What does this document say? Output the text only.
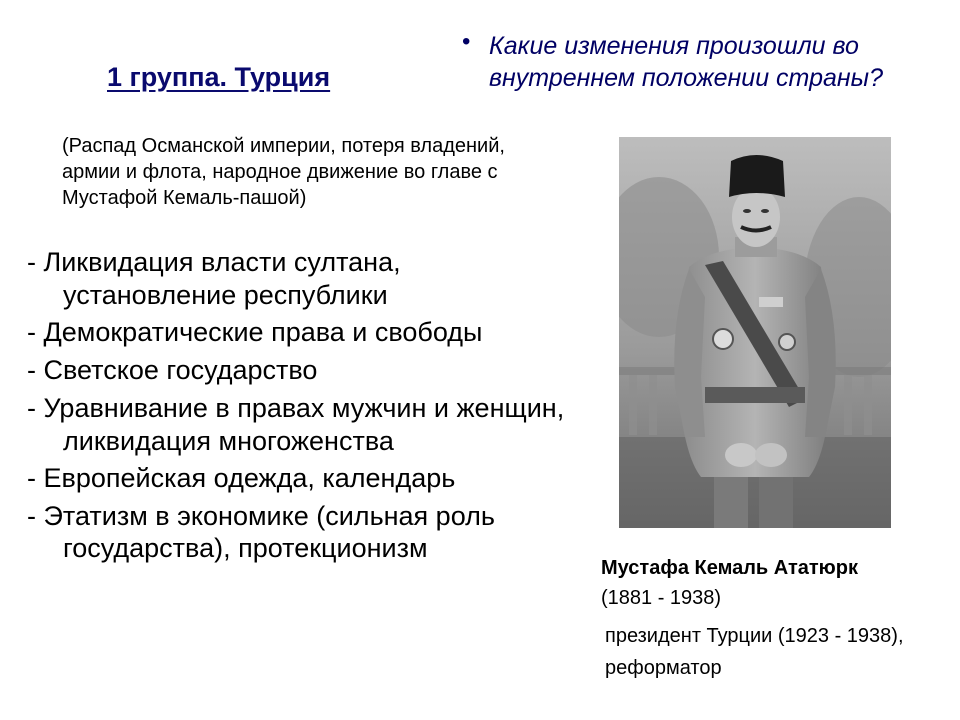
1 группа. Турция
• Какие изменения произошли во внутреннем положении страны?
(Распад Османской империи, потеря владений, армии и флота, народное движение во главе с Мустафой Кемаль-пашой)
- Ликвидация власти султана, установление республики
- Демократические права и свободы
- Светское государство
- Уравнивание в правах мужчин и женщин, ликвидация многоженства
- Европейская одежда, календарь
- Этатизм в экономике (сильная роль государства), протекционизм
Мустафа Кемаль Ататюрк
(1881 - 1938)
президент Турции (1923 - 1938), реформатор
